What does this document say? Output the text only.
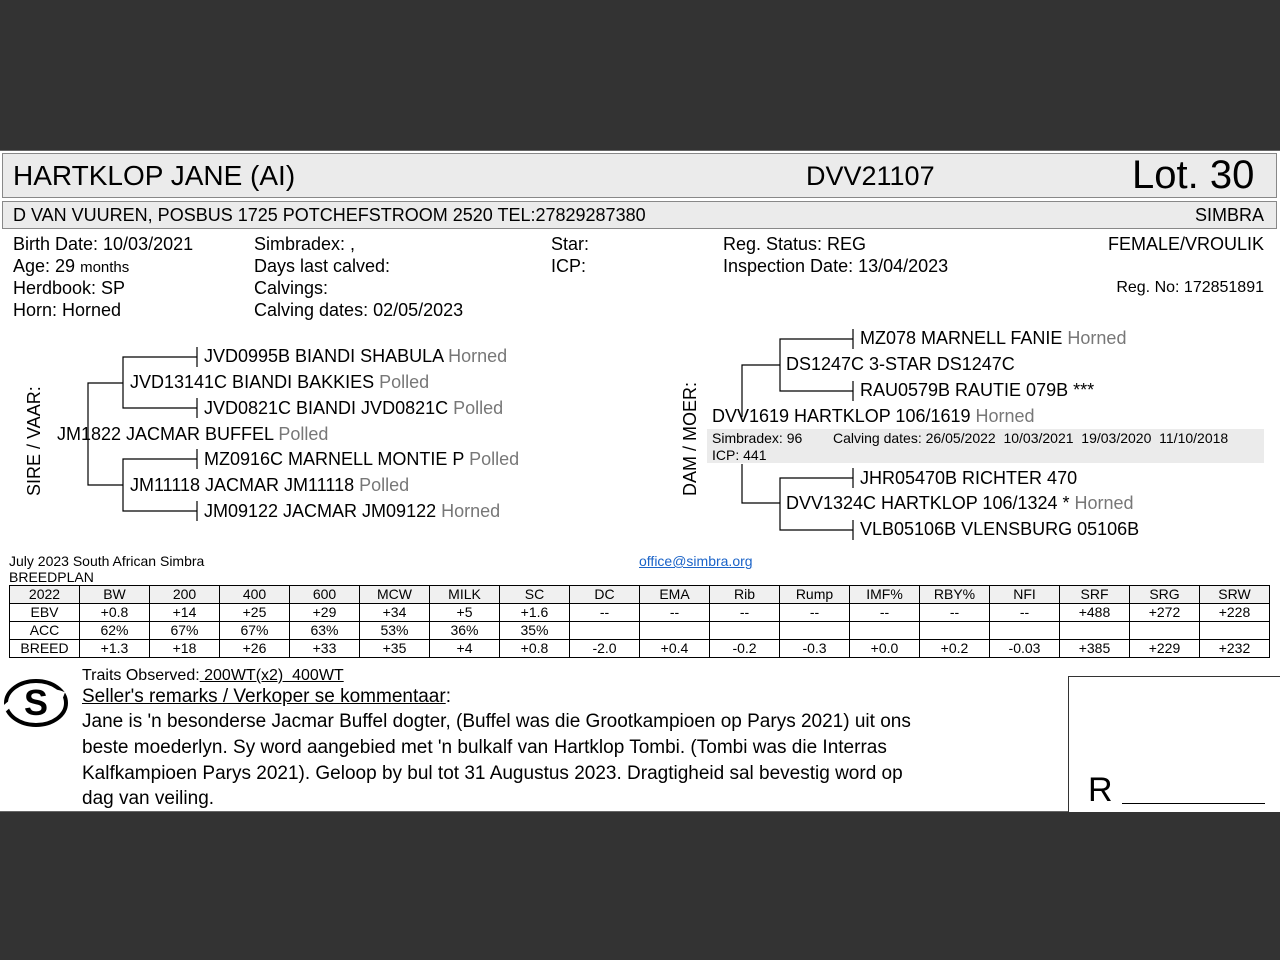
HARTKLOP JANE (AI)	DVV21107	Lot. 30
D VAN VUUREN, POSBUS 1725 POTCHEFSTROOM 2520 TEL:27829287380	SIMBRA
Birth Date: 10/03/2021
Age: 29 months
Herdbook: SP
Horn: Horned
Simbradex: ,
Days last calved:
Calvings:
Calving dates: 02/05/2023
Star:
ICP:
Reg. Status: REG
Inspection Date: 13/04/2023
FEMALE/VROULIK
Reg. No: 172851891
SIRE / VAAR:
JVD0995B BIANDI SHABULA Horned
JVD13141C BIANDI BAKKIES Polled
JVD0821C BIANDI JVD0821C Polled
JM1822 JACMAR BUFFEL Polled
MZ0916C MARNELL MONTIE P Polled
JM11118 JACMAR JM11118 Polled
JM09122 JACMAR JM09122 Horned
DAM / MOER:
MZ078 MARNELL FANIE Horned
DS1247C 3-STAR DS1247C
RAU0579B RAUTIE 079B ***
DVV1619 HARTKLOP 106/1619 Horned
Simbradex: 96 Calving dates: 26/05/2022  10/03/2021  19/03/2020  11/10/2018
ICP: 441
JHR05470B RICHTER 470
DVV1324C HARTKLOP 106/1324 * Horned
VLB05106B VLENSBURG 05106B
July 2023 South African Simbra
BREEDPLAN
office@simbra.org
2022	BW	200	400	600	MCW	MILK	SC	DC	EMA	Rib	Rump	IMF%	RBY%	NFI	SRF	SRG	SRW
EBV	+0.8	+14	+25	+29	+34	+5	+1.6	--	--	--	--	--	--	--	+488	+272	+228
ACC	62%	67%	67%	63%	53%	36%	35%										
BREED	+1.3	+18	+26	+33	+35	+4	+0.8	-2.0	+0.4	-0.2	-0.3	+0.0	+0.2	-0.03	+385	+229	+232
S
Traits Observed: 200WT(x2)  400WT
Seller's remarks / Verkoper se kommentaar:
Jane is 'n besonderse Jacmar Buffel dogter, (Buffel was die Grootkampioen op Parys 2021) uit ons
beste moederlyn. Sy word aangebied met 'n bulkalf van Hartklop Tombi. (Tombi was die Interras
Kalfkampioen Parys 2021). Geloop by bul tot 31 Augustus 2023. Dragtigheid sal bevestig word op
dag van veiling.	R
